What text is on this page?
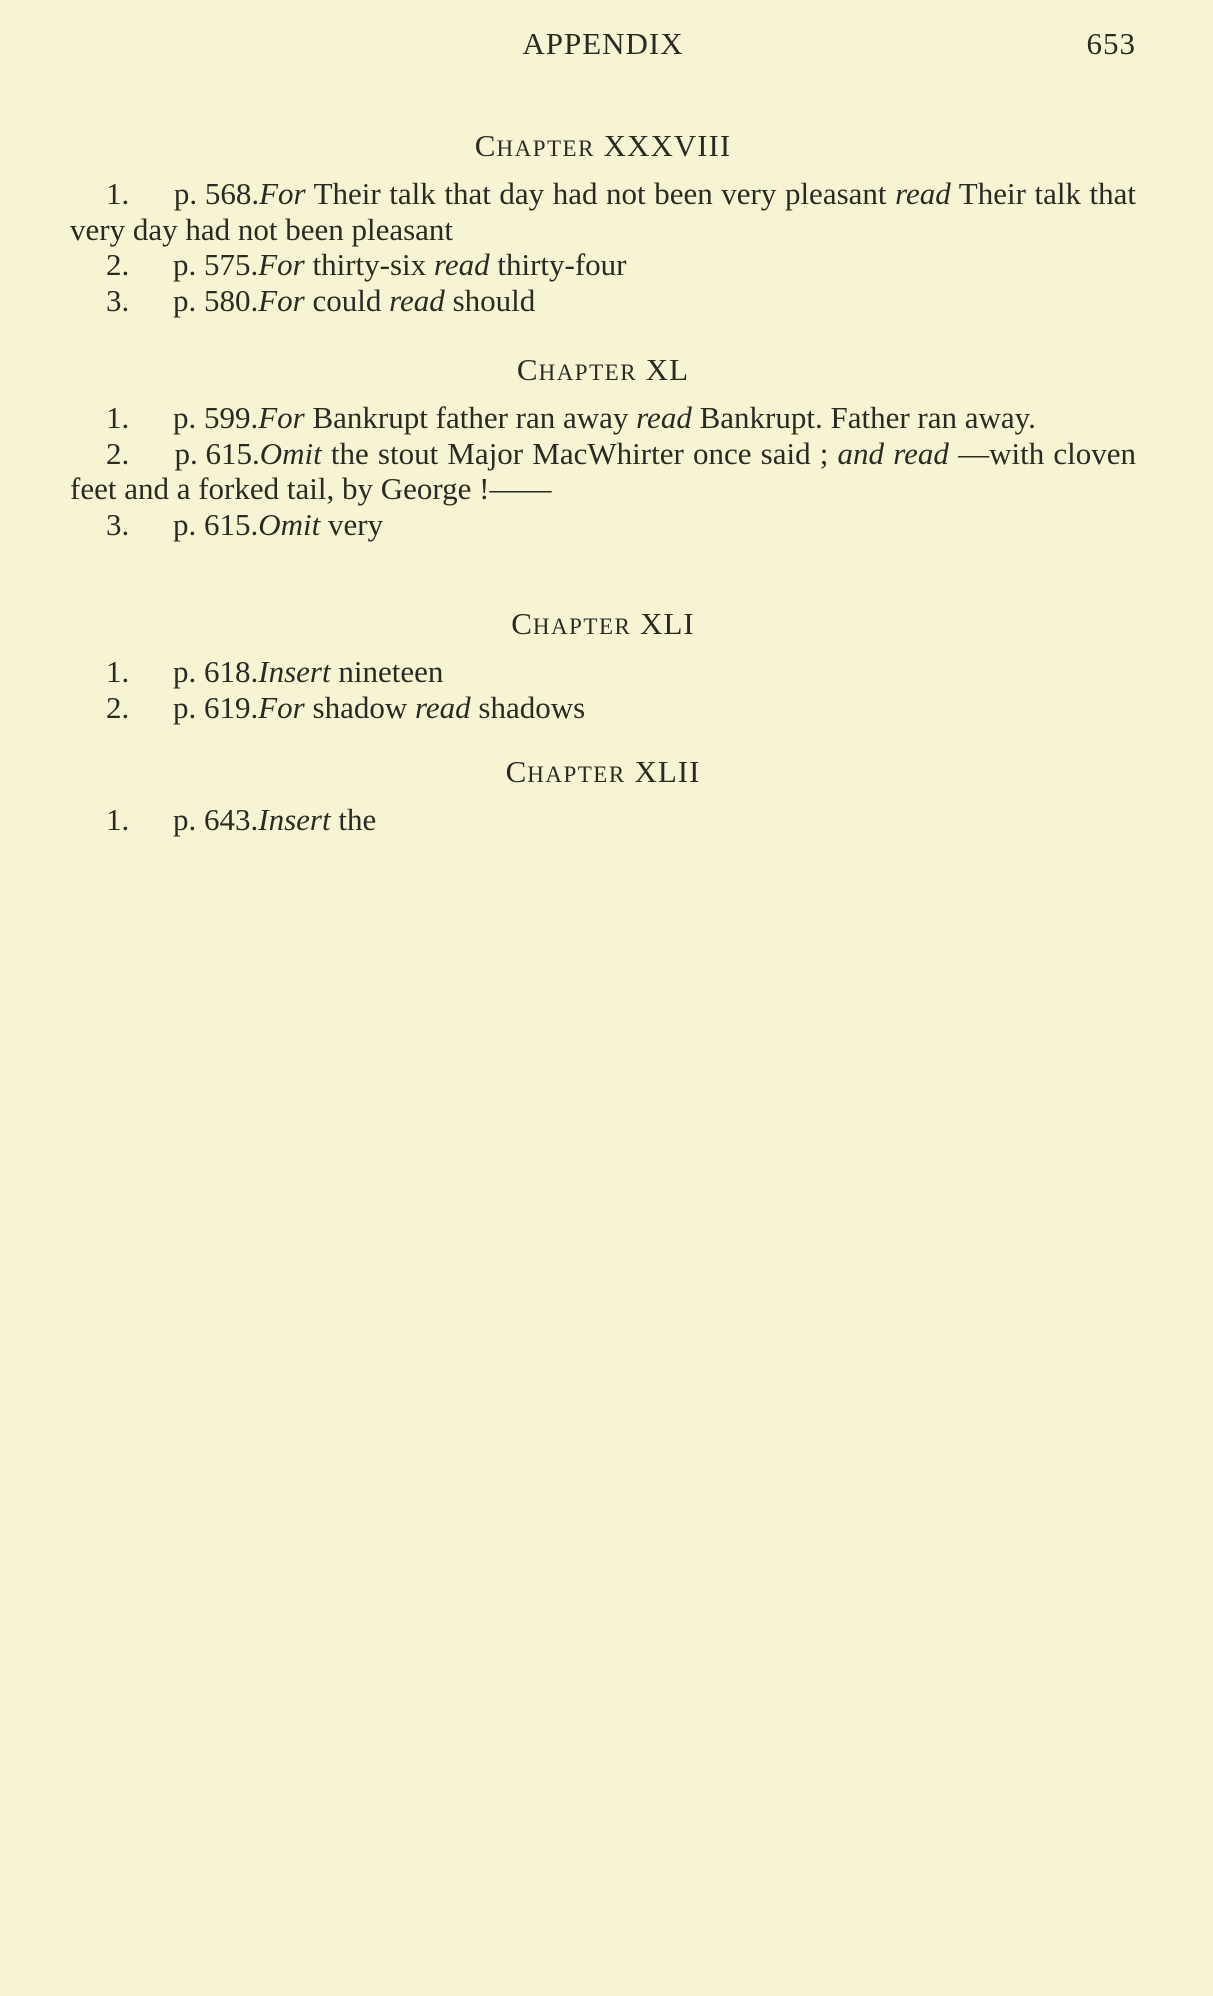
APPENDIX	653
CHAPTER XXXVIII
1. p. 568.For Their talk that day had not been very pleasant read Their talk that very day had not been pleasant
2. p. 575.For thirty-six read thirty-four
3. p. 580.For could read should
CHAPTER XL
1. p. 599.For Bankrupt father ran away read Bankrupt. Father ran away.
2. p. 615.Omit the stout Major MacWhirter once said ; and read —with cloven feet and a forked tail, by George !——
3. p. 615.Omit very
CHAPTER XLI
1. p. 618.Insert nineteen
2. p. 619.For shadow read shadows
CHAPTER XLII
1. p. 643.Insert the
